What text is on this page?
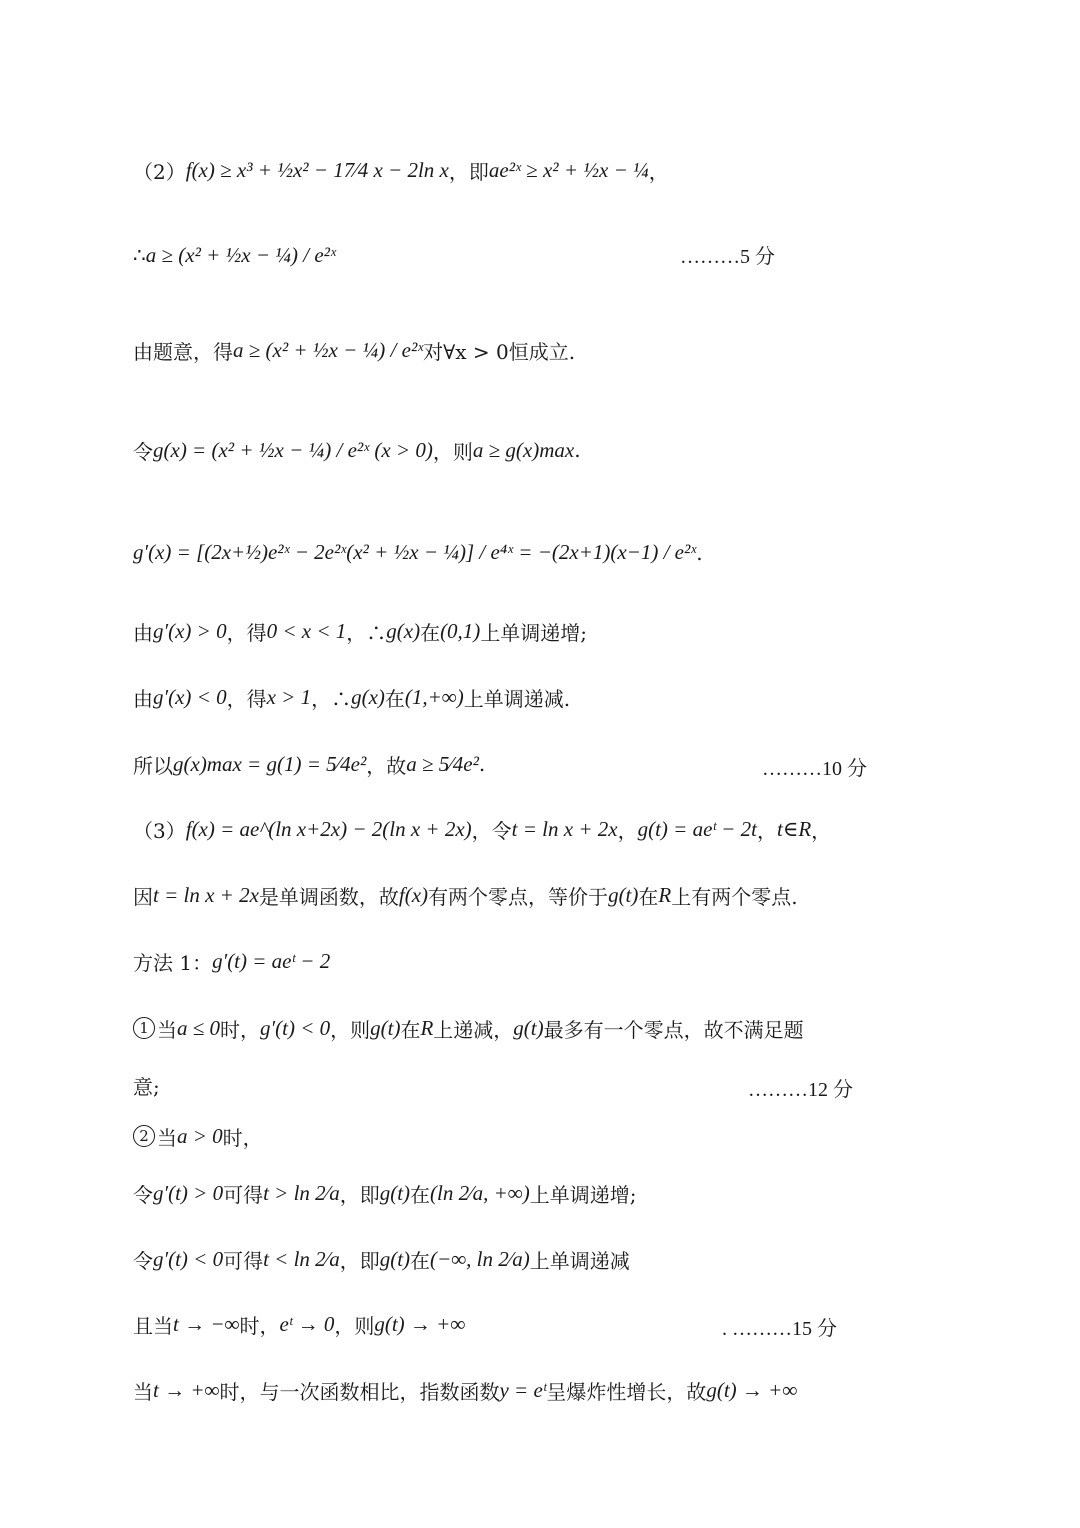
（2） f(x) ≥ x³ + ½x² − 17⁄4 x − 2ln x ，即 ae²ˣ ≥ x² + ½x − ¼ ，
∴ a ≥ (x² + ½x − ¼) / e²ˣ	………5 分
由题意，得 a ≥ (x² + ½x − ¼) / e²ˣ 对∀x > 0恒成立.
令 g(x) = (x² + ½x − ¼) / e²ˣ (x > 0) ，则 a ≥ g(x)max .
g′(x) = [(2x+½)e²ˣ − 2e²ˣ(x² + ½x − ¼)] / e⁴ˣ = −(2x+1)(x−1) / e²ˣ .
由 g′(x) > 0 ，得 0 < x < 1 ，∴ g(x) 在 (0,1) 上单调递增;
由 g′(x) < 0 ，得 x > 1 ，∴ g(x) 在 (1,+∞) 上单调递减.
所以 g(x)max = g(1) = 5⁄4e² ，故 a ≥ 5⁄4e² .	………10 分
（3） f(x) = ae^(ln x+2x) − 2(ln x + 2x) ，令 t = ln x + 2x ， g(t) = aeᵗ − 2t ， t∈R ，
因 t = ln x + 2x 是单调函数，故 f(x) 有两个零点，等价于 g(t) 在 R 上有两个零点.
方法 1： g′(t) = aeᵗ − 2
1 当 a ≤ 0 时， g′(t) < 0 ，则 g(t) 在 R 上递减， g(t) 最多有一个零点，故不满足题
意;	………12 分
2 当 a > 0 时，
令 g′(t) > 0 可得 t > ln 2⁄a ，即 g(t) 在 (ln 2⁄a, +∞) 上单调递增;
令 g′(t) < 0 可得 t < ln 2⁄a ，即 g(t) 在 (−∞, ln 2⁄a) 上单调递减
且当 t → −∞ 时， eᵗ → 0 ，则 g(t) → +∞	. ………15 分
当 t → +∞ 时，与一次函数相比，指数函数 y = eᵗ 呈爆炸性增长，故 g(t) → +∞
